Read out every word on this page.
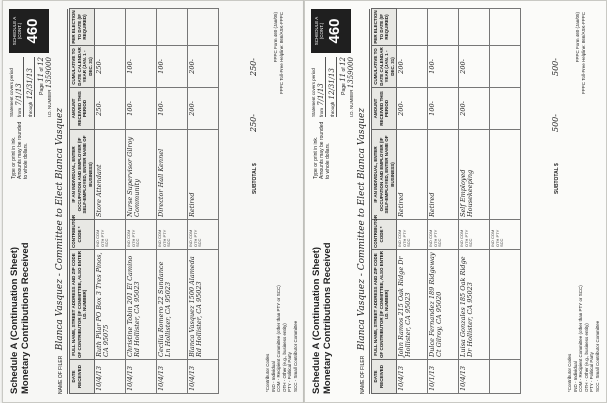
Schedule A (Continuation Sheet) Monetary Contributions Received
Type or print in ink. Amounts may be rounded to whole dollars.
Statement covers period from 7/1/13
through 12/31/13
SCHEDULE A (CONT.) 460
Page 11 of 12
I.D. NUMBER 1359000
NAME OF FILER Blanca Vasquez - Committee to Elect Blanca Vasquez
DATE RECEIVED	FULL NAME, STREET ADDRESS AND ZIP CODE OF CONTRIBUTOR (IF COMMITTEE, ALSO ENTER I.D. NUMBER)	CONTRIBUTOR CODE *	IF AN INDIVIDUAL, ENTER OCCUPATION AND EMPLOYER (IF SELF-EMPLOYED, ENTER NAME OF BUSINESS)	AMOUNT RECEIVED THIS PERIOD	CUMULATIVE TO DATE CALENDAR YEAR (JAN. 1 - DEC. 31)	PER ELECTION TO DATE (IF REQUIRED)
10/4/13	Ruth Pilar PO Box 3 Tres Pinos, CA 95075	IND COM OTH PTY SCC	Store Attendant	250-	250-	
10/4/13	Christine Tobin 201 El Camino Rd Hollister, CA 95023	IND COM OTH PTY SCC	Nurse Supervisor Gilroy Community	100-	100-	
10/4/13	Cecilia Romero 22 Sundance Ln Hollister, CA 95023	IND COM OTH PTY SCC	Director Hall Kennel	100-	100-	
10/4/13	Blanca Vasquez 1500 Alameda Rd Hollister, CA 95023	IND COM OTH PTY SCC	Retired	200-	200-	
SUBTOTAL $
250-
250-
*Contributor Codes IND - Individual COM - Recipient Committee (other than PTY or SCC) OTH - Other (e.g., business entity) PTY - Political Party SCC - Small Contributor Committee
FPPC Form 460 (Jan/05) FPPC Toll-Free Helpline: 866/ASK-FPPC
Schedule A (Continuation Sheet) Monetary Contributions Received
Type or print in ink. Amounts may be rounded to whole dollars.
Statement covers period from 7/1/13
through 12/31/13
SCHEDULE A (CONT.) 460
Page 11 of 12
I.D. NUMBER 1359000
NAME OF FILER Blanca Vasquez - Committee to Elect Blanca Vasquez
DATE RECEIVED	FULL NAME, STREET ADDRESS AND ZIP CODE OF CONTRIBUTOR (IF COMMITTEE, ALSO ENTER I.D. NUMBER)	CONTRIBUTOR CODE *	IF AN INDIVIDUAL, ENTER OCCUPATION AND EMPLOYER (IF SELF-EMPLOYED, ENTER NAME OF BUSINESS)	AMOUNT RECEIVED THIS PERIOD	CUMULATIVE TO DATE CALENDAR YEAR (JAN. 1 - DEC. 31)	PER ELECTION TO DATE (IF REQUIRED)
10/4/13	John Ramos 215 Oak Ridge Dr Hollister, CA 95023	IND COM OTH PTY SCC	Retired	200-	200-	
10/1/13	Dulce Fernandez 189 Ridgeway Ct Gilroy, CA 95020	IND COM OTH PTY SCC	Retired	100-	100-	
10/4/13	Luisa Gonzales 185 Oak Ridge Dr Hollister, CA 95023	IND COM OTH PTY SCC	Self Employed Housekeeping	200-	200-	
		IND COM OTH PTY SCC				
SUBTOTAL $
500-
500-
*Contributor Codes IND - Individual COM - Recipient Committee (other than PTY or SCC) OTH - Other (e.g., business entity) PTY - Political Party SCC - Small Contributor Committee
FPPC Form 460 (Jan/05) FPPC Toll-Free Helpline: 866/ASK-FPPC
